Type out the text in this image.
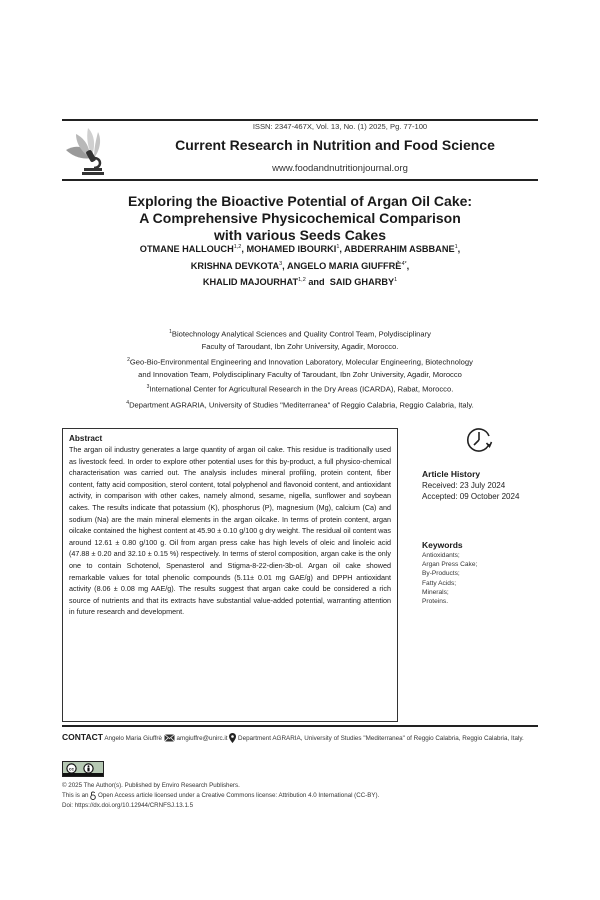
ISSN: 2347-467X, Vol. 13, No. (1) 2025, Pg. 77-100
Current Research in Nutrition and Food Science
www.foodandnutritionjournal.org
Exploring the Bioactive Potential of Argan Oil Cake:
A Comprehensive Physicochemical Comparison
with various Seeds Cakes
OTMANE HALLOUCH$^{1,2}$, MOHAMED IBOURKI$^1$, ABDERRAHIM ASBBANE$^1$,
KRISHNA DEVKOTA$^3$, ANGELO MARIA $GIUFFRÈ^{4*}$,
KHALID MAJOURHAT$^{1,2}$ and  SAID GHARBY$^1$
$^1$Biotechnology Analytical Sciences and Quality Control Team, Polydisciplinary
Faculty of Taroudant, Ibn Zohr University, Agadir, Morocco.
$^2$Geo-Bio-Environmental Engineering and Innovation Laboratory, Molecular Engineering, Biotechnology
and Innovation Team, Polydisciplinary Faculty of Taroudant, Ibn Zohr University, Agadir, Morocco
$^3$International Center for Agricultural Research in the Dry Areas (ICARDA), Rabat, Morocco.
$^4$Department AGRARIA, University of Studies "Mediterranea" of Reggio Calabria, Reggio Calabria, Italy.
Abstract
The argan oil industry generates a large quantity of argan oil cake. This residue is traditionally used as livestock feed. In order to explore other potential uses for this by-product, a full physico-chemical characterisation was carried out. The analysis includes mineral profiling, protein content, fiber content, fatty acid composition, sterol content, total polyphenol and flavonoid content, and antioxidant activity, in comparison with other cakes, namely almond, sesame, nigella, sunflower and soybean cakes. The results indicate that potassium (K), phosphorus (P), magnesium (Mg), calcium (Ca) and sodium (Na) are the main mineral elements in the argan oilcake. In terms of protein content, argan oilcake contained the highest content at 45.90 ± 0.10 g/100 g dry weight. The residual oil content was around 12.61 ± 0.80 g/100 g. Oil from argan press cake has high levels of oleic and linoleic acid (47.88 ± 0.20 and 32.10 ± 0.15 %) respectively. In terms of sterol composition, argan cake is the only one to contain Schotenol, Spenasterol and Stigma-8-22-dien-3b-ol. Argan oil cake showed remarkable values for total phenolic compounds (5.11± 0.01 mg GAE/g) and DPPH antioxidant activity (8.06 ± 0.08 mg AAE/g). The results suggest that argan cake could be considered a rich source of nutrients and that its extracts have substantial value-added potential, warranting attention in future research and development.
Article History
Received: 23 July 2024
Accepted: 09 October 2024
Keywords
Antioxidants;
Argan Press Cake;
By-Products;
Fatty Acids;
Minerals;
Proteins.
CONTACT Angelo Maria Giuffrè amgiuffre@unirc.it Department AGRARIA, University of Studies "Mediterranea" of Reggio Calabria, Reggio Calabria, Italy.
cc
© 2025 The Author(s). Published by Enviro Research Publishers.
This is an Open Access article licensed under a Creative Commons license: Attribution 4.0 International (CC-BY).
Doi: https://dx.doi.org/10.12944/CRNFSJ.13.1.5
